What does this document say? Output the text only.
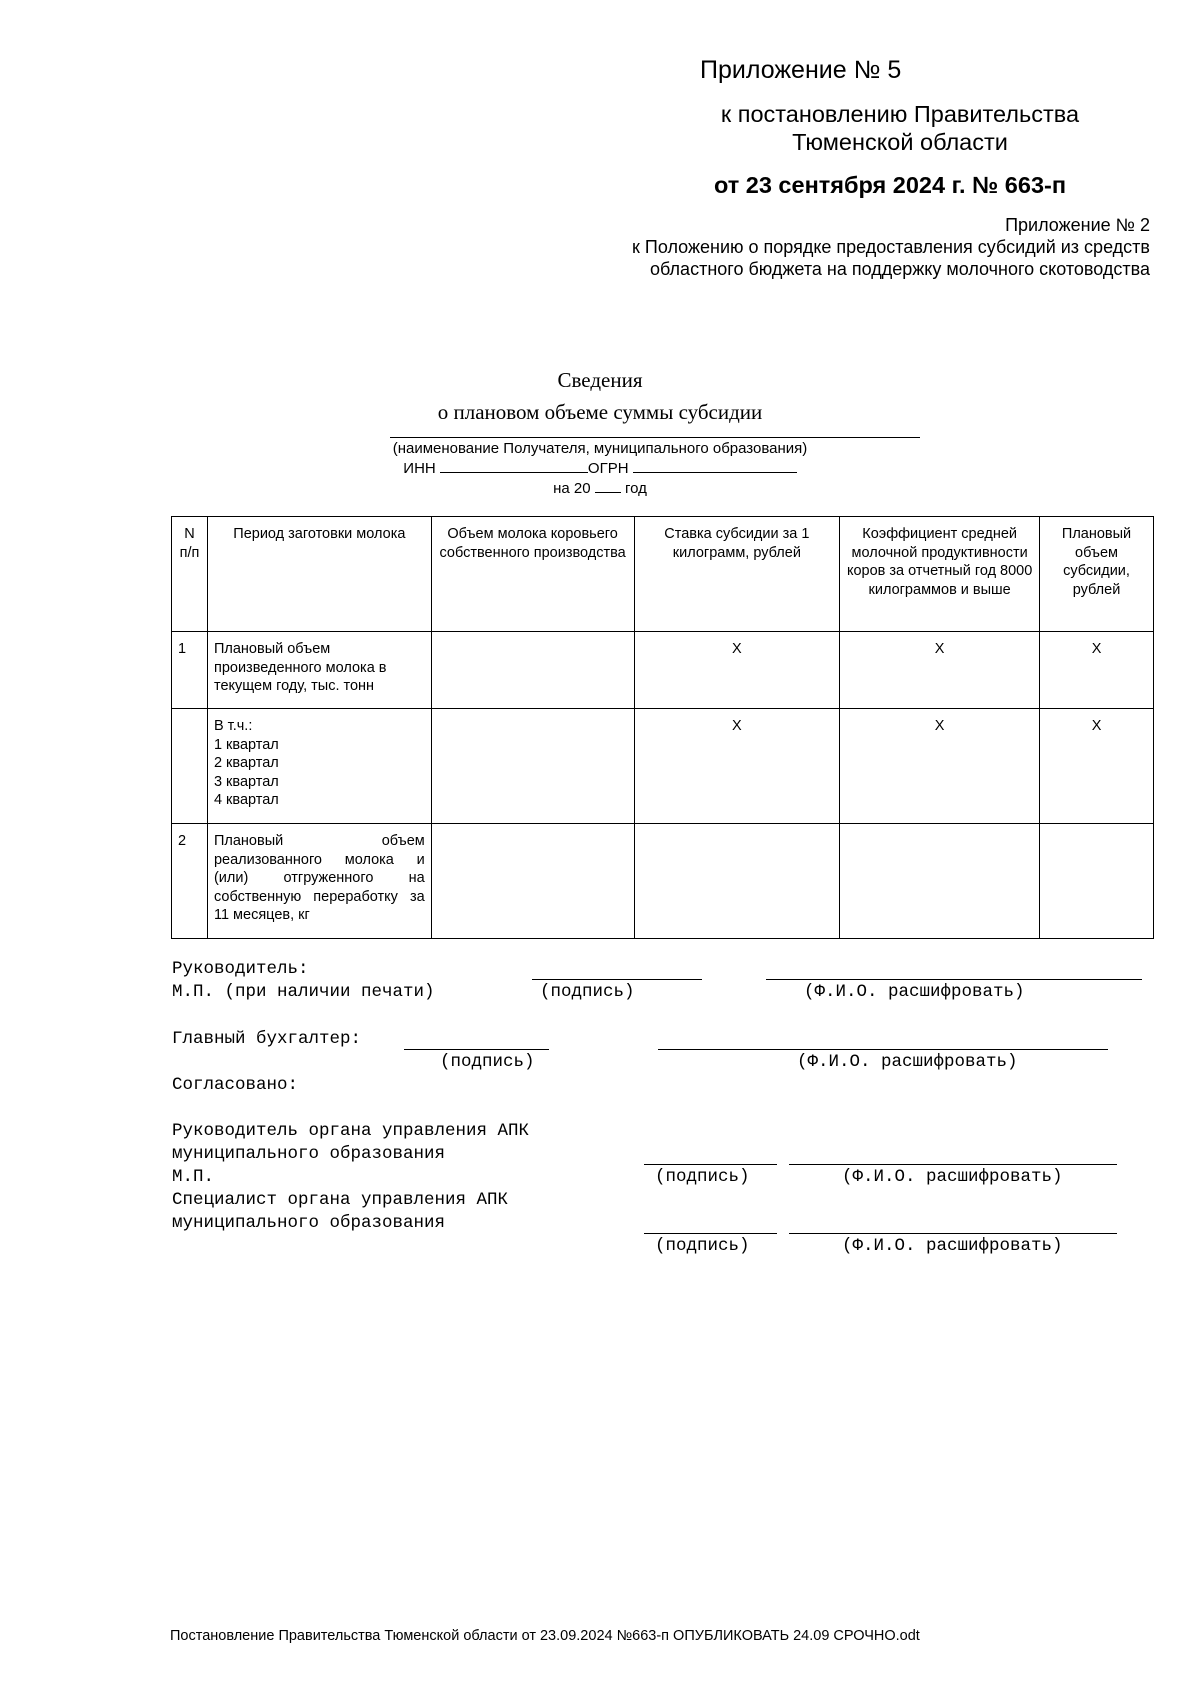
Приложение № 5
к постановлению Правительства
Тюменской области
от 23 сентября 2024 г. № 663-п
Приложение № 2
к Положению о порядке предоставления субсидий из средств
областного бюджета на поддержку молочного скотоводства
Сведения
о плановом объеме суммы субсидии
(наименование Получателя, муниципального образования)
ИНН	ОГРН
на 20 год
N п/п	Период заготовки молока	Объем молока коровьего собственного производства	Ставка субсидии за 1 килограмм, рублей	Коэффициент средней молочной продуктивности коров за отчетный год 8000 килограммов и выше	Плановый объем субсидии, рублей
1	Плановый объем произведенного молока в текущем году, тыс. тонн		X	X	X

	В т.ч.:
1 квартал
2 квартал
3 квартал
4 квартал		X	X	X
2	Плановый объем реализованного молока и (или) отгруженного на собственную переработку за 11 месяцев, кг				
Руководитель:
М.П. (при наличии печати)	(подпись)	(Ф.И.О. расшифровать)
Главный бухгалтер:
(подпись)	(Ф.И.О. расшифровать)
Согласовано:
Руководитель органа управления АПК
муниципального образования
М.П.	(подпись)	(Ф.И.О. расшифровать)
Специалист органа управления АПК
муниципального образования
(подпись)	(Ф.И.О. расшифровать)
Постановление Правительства Тюменской области от 23.09.2024 №663-п ОПУБЛИКОВАТЬ 24.09 СРОЧНО.odt
